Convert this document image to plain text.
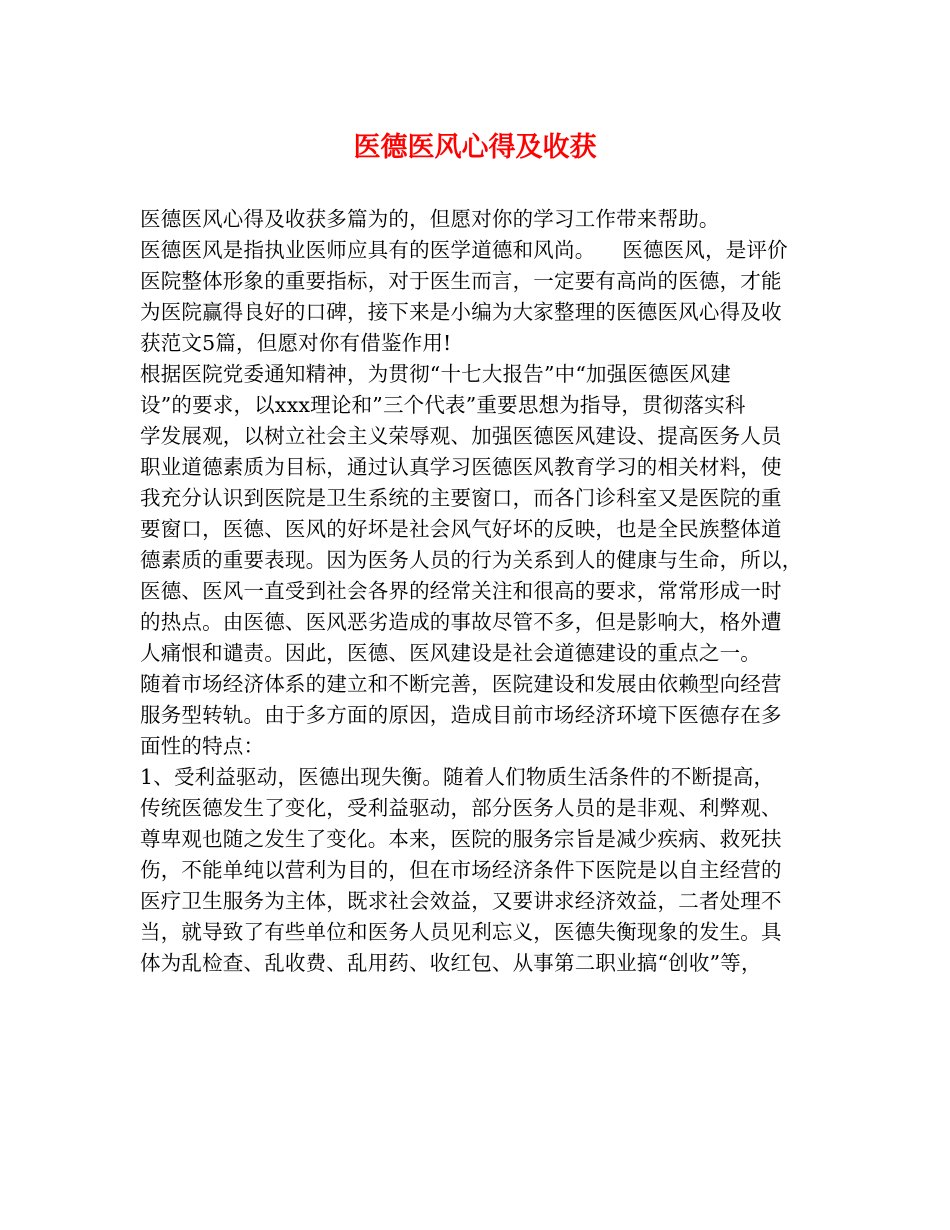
医德医风心得及收获
医德医风心得及收获多篇为的，但愿对你的学习工作带来帮助。
医德医风是指执业医师应具有的医学道德和风尚。    医德医风，是评价
医院整体形象的重要指标，对于医生而言，一定要有高尚的医德，才能
为医院赢得良好的口碑，接下来是小编为大家整理的医德医风心得及收
获范文5篇，但愿对你有借鉴作用!
根据医院党委通知精神，为贯彻“十七大报告”中“加强医德医风建
设”的要求，以xxx理论和”三个代表”重要思想为指导，贯彻落实科
学发展观，以树立社会主义荣辱观、加强医德医风建设、提高医务人员
职业道德素质为目标，通过认真学习医德医风教育学习的相关材料，使
我充分认识到医院是卫生系统的主要窗口，而各门诊科室又是医院的重
要窗口，医德、医风的好坏是社会风气好坏的反映，也是全民族整体道
德素质的重要表现。因为医务人员的行为关系到人的健康与生命，所以，
医德、医风一直受到社会各界的经常关注和很高的要求，常常形成一时
的热点。由医德、医风恶劣造成的事故尽管不多，但是影响大，格外遭
人痛恨和谴责。因此，医德、医风建设是社会道德建设的重点之一。
随着市场经济体系的建立和不断完善，医院建设和发展由依赖型向经营
服务型转轨。由于多方面的原因，造成目前市场经济环境下医德存在多
面性的特点：
1、受利益驱动，医德出现失衡。随着人们物质生活条件的不断提高，
传统医德发生了变化，受利益驱动，部分医务人员的是非观、利弊观、
尊卑观也随之发生了变化。本来，医院的服务宗旨是减少疾病、救死扶
伤，不能单纯以营利为目的，但在市场经济条件下医院是以自主经营的
医疗卫生服务为主体，既求社会效益，又要讲求经济效益，二者处理不
当，就导致了有些单位和医务人员见利忘义，医德失衡现象的发生。具
体为乱检查、乱收费、乱用药、收红包、从事第二职业搞“创收”等，
